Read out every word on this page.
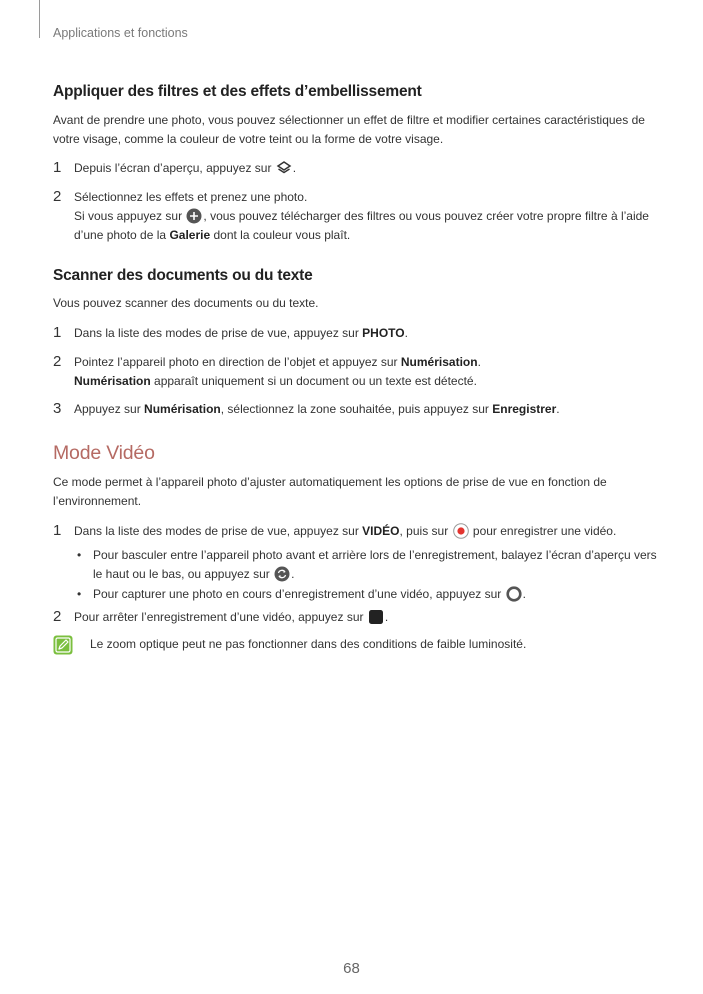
Applications et fonctions
Appliquer des filtres et des effets d’embellissement

Avant de prendre une photo, vous pouvez sélectionner un effet de filtre et modifier certaines caractéristiques de votre visage, comme la couleur de votre teint ou la forme de votre visage.

1 Depuis l’écran d’aperçu, appuyez sur .
2 Sélectionnez les effets et prenez une photo.
Si vous appuyez sur , vous pouvez télécharger des filtres ou vous pouvez créer votre propre filtre à l’aide d’une photo de la Galerie dont la couleur vous plaît.
Scanner des documents ou du texte

Vous pouvez scanner des documents ou du texte.

1 Dans la liste des modes de prise de vue, appuyez sur PHOTO.
2 Pointez l’appareil photo en direction de l’objet et appuyez sur Numérisation.
Numérisation apparaît uniquement si un document ou un texte est détecté.
3 Appuyez sur Numérisation, sélectionnez la zone souhaitée, puis appuyez sur Enregistrer.
Mode Vidéo

Ce mode permet à l’appareil photo d’ajuster automatiquement les options de prise de vue en fonction de l’environnement.

1 Dans la liste des modes de prise de vue, appuyez sur VIDÉO, puis sur pour enregistrer une vidéo.
• Pour basculer entre l’appareil photo avant et arrière lors de l’enregistrement, balayez l’écran d’aperçu vers le haut ou le bas, ou appuyez sur .
• Pour capturer une photo en cours d’enregistrement d’une vidéo, appuyez sur .
2 Pour arrêter l’enregistrement d’une vidéo, appuyez sur .
Le zoom optique peut ne pas fonctionner dans des conditions de faible luminosité.
68
